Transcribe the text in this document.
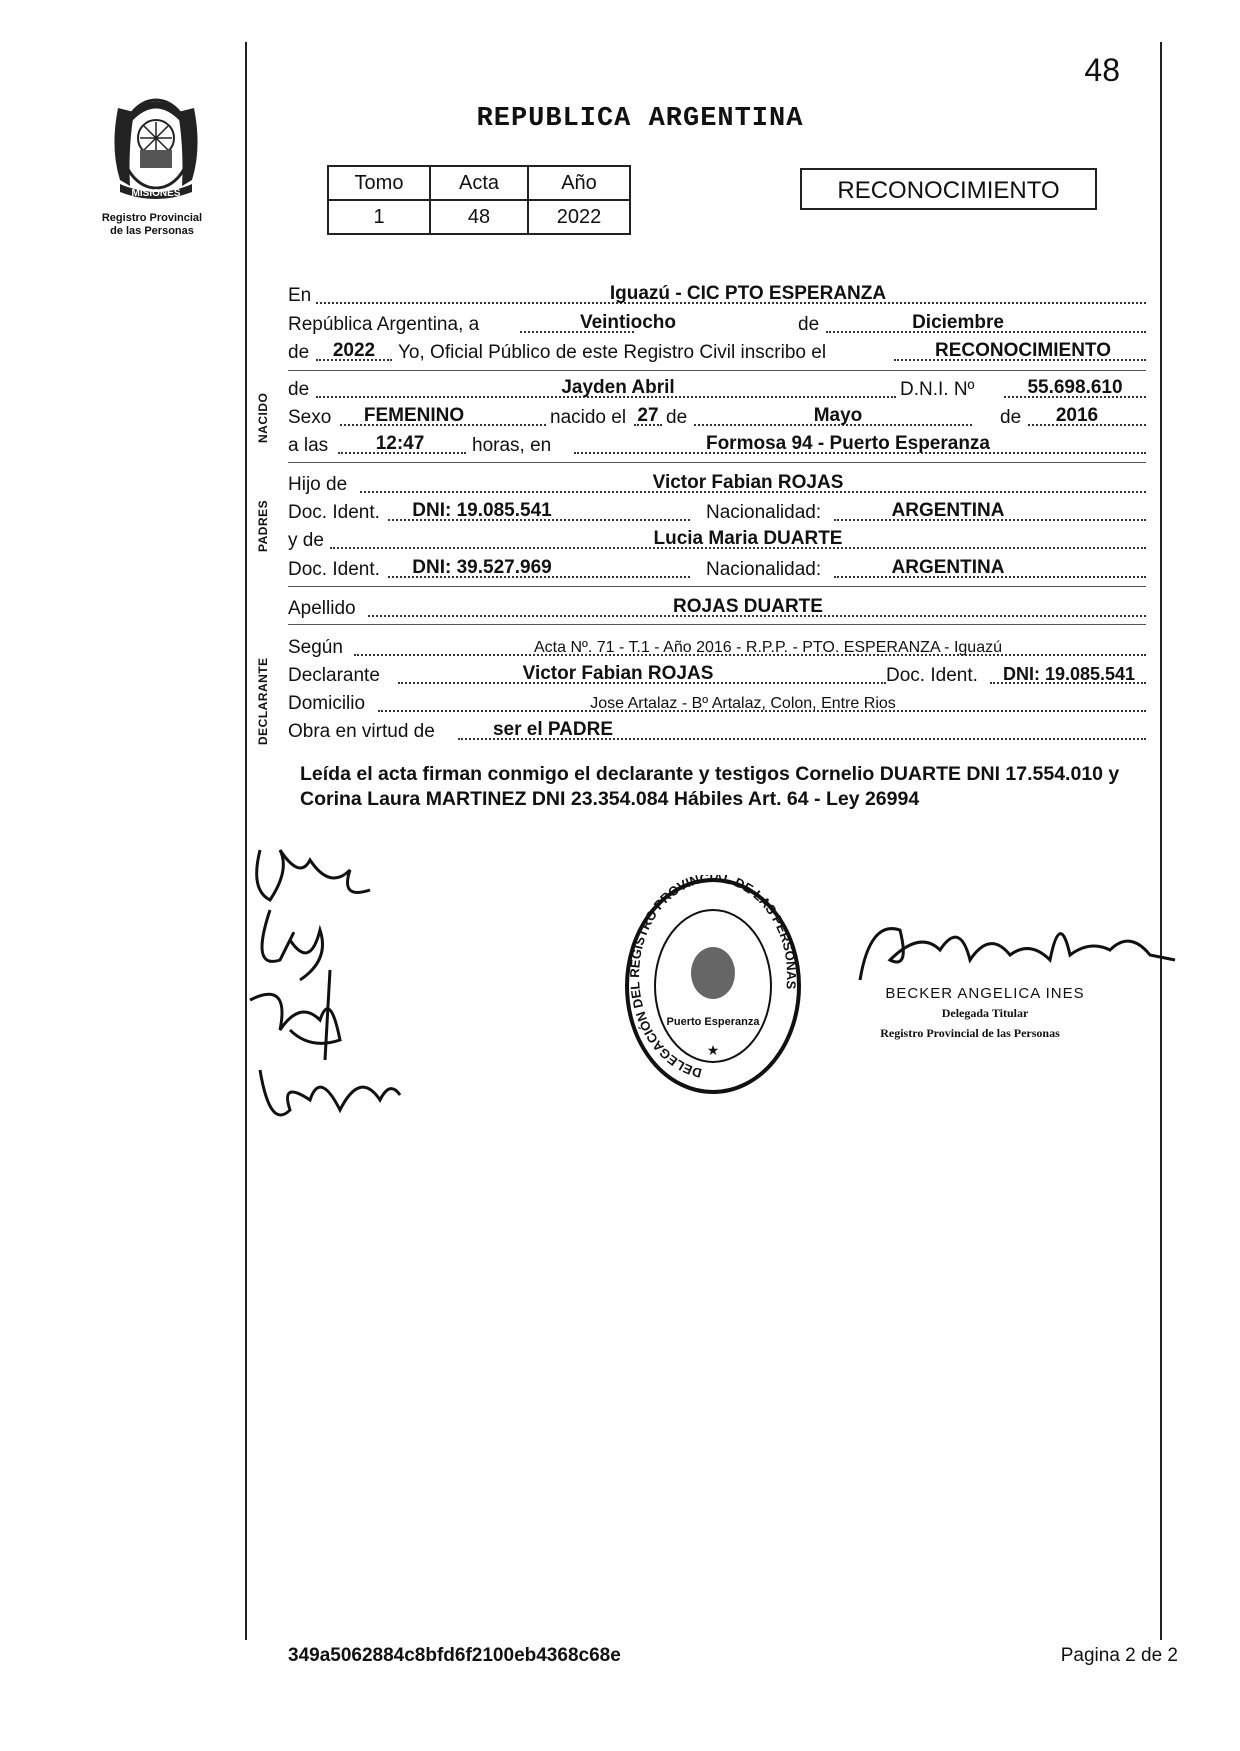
48
MISIONES
Registro Provincial
de las Personas
REPUBLICA ARGENTINA
Tomo	Acta	Año
1	48	2022
RECONOCIMIENTO
En	Iguazú - CIC PTO ESPERANZA
República Argentina, a	Veintiocho	de	Diciembre
de	2022	Yo, Oficial Público de este Registro Civil inscribo el	RECONOCIMIENTO
de	Jayden Abril	D.N.I. Nº	55.698.610
Sexo	FEMENINO	nacido el 27 de	Mayo	de	2016
a las	12:47	horas, en	Formosa 94 - Puerto Esperanza
Hijo de	Victor Fabian ROJAS
Doc. Ident.	DNI: 19.085.541	Nacionalidad:	ARGENTINA
y de	Lucia Maria DUARTE
Doc. Ident.	DNI: 39.527.969	Nacionalidad:	ARGENTINA
Apellido	ROJAS DUARTE
Según	Acta Nº. 71 - T.1 - Año 2016 - R.P.P. - PTO. ESPERANZA - Iguazú
Declarante	Victor Fabian ROJAS	Doc. Ident.	DNI: 19.085.541
Domicilio	Jose Artalaz - Bº Artalaz, Colon, Entre Rios
Obra en virtud de	ser el PADRE
NACIDO
PADRES
DECLARANTE
Leída el acta firman conmigo el declarante y testigos Cornelio DUARTE DNI 17.554.010 y Corina Laura MARTINEZ DNI 23.354.084 Hábiles Art. 64 - Ley 26994
DELEGACIÓN DEL REGISTRO PROVINCIAL DE LAS PERSONAS
Puerto Esperanza
★
BECKER ANGELICA INES
Delegada Titular
Registro Provincial de las Personas
349a5062884c8bfd6f2100eb4368c68e	Pagina 2 de 2
